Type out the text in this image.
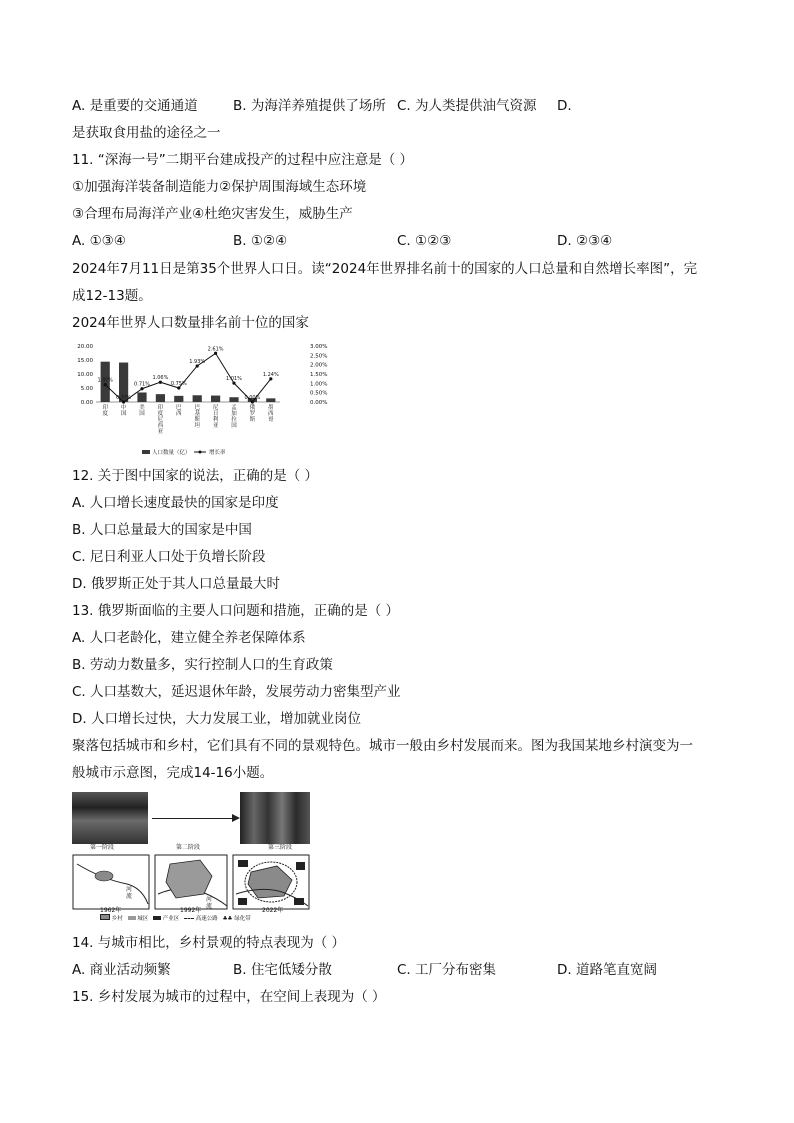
A. 是重要的交通通道	B. 为海洋养殖提供了场所 C. 为人类提供油气资源 D.
是获取食用盐的途径之一
11. “深海一号”二期平台建成投产的过程中应注意是（ ）
①加强海洋装备制造能力②保护周围海域生态环境
③合理布局海洋产业④杜绝灾害发生，威胁生产
A. ①③④	B. ①②④	C. ①②③	D. ②③④
2024年7月11日是第35个世界人口日。读“2024年世界排名前十的国家的人口总量和自然增长率图”，完
成12-13题。
2024年世界人口数量排名前十位的国家
20.00
15.00
10.00
5.00
0.00
3.00%
2.50%
2.00%
1.50%
1.00%
0.50%
0.00%
1.0?%
0.??%
0.71%
1.06%
0.75%
1.93%
2.61%
1.01%
0.00%
1.24%
印
度
中
国
美
国
印
度
尼
西
亚
巴
西
巴
基
斯
坦
尼
日
利
亚
孟
加
拉
国
俄
罗
斯
墨
西
哥
人口数量（亿）	增长率
12. 关于图中国家的说法，正确的是（ ）
A. 人口增长速度最快的国家是印度
B. 人口总量最大的国家是中国
C. 尼日利亚人口处于负增长阶段
D. 俄罗斯正处于其人口总量最大时
13. 俄罗斯面临的主要人口问题和措施，正确的是（ ）
A. 人口老龄化，建立健全养老保障体系
B. 劳动力数量多，实行控制人口的生育政策
C. 人口基数大，延迟退休年龄，发展劳动力密集型产业
D. 人口增长过快，大力发展工业，增加就业岗位
聚落包括城市和乡村，它们具有不同的景观特色。城市一般由乡村发展而来。图为我国某地乡村演变为一
般城市示意图，完成14-16小题。
第一阶段	第二阶段	第三阶段
河流	河流
1962年	1992年	2022年
乡村	城区	产业区	高速公路 ♣♣ 绿化带
14. 与城市相比，乡村景观的特点表现为（ ）
A. 商业活动频繁	B. 住宅低矮分散	C. 工厂分布密集	D. 道路笔直宽阔
15. 乡村发展为城市的过程中，在空间上表现为（ ）
